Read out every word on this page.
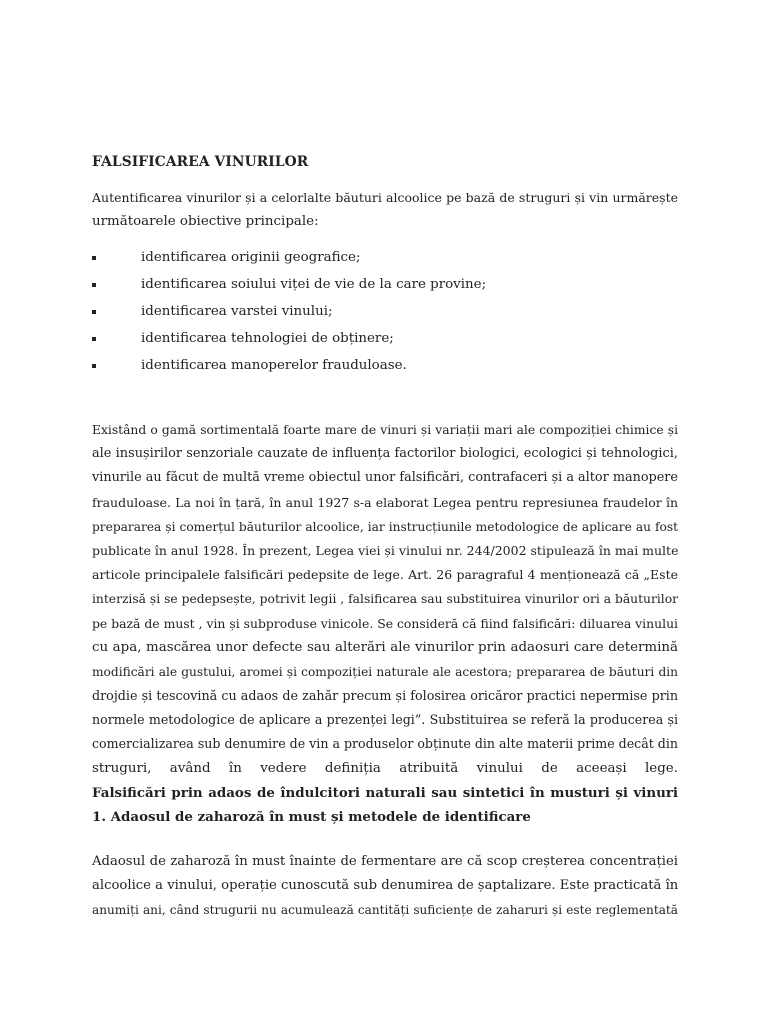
FALSIFICAREA VINURILOR
Autentificarea vinurilor și a celorlalte băuturi alcoolice pe bază de struguri și vin urmărește
următoarele obiective principale:
identificarea originii geografice;
identificarea soiului viței de vie de la care provine;
identificarea varstei vinului;
identificarea tehnologiei de obținere;
identificarea manoperelor frauduloase.
Existând o gamă sortimentală foarte mare de vinuri și variații mari ale compoziției chimice și
ale insușirilor senzoriale cauzate de influența factorilor biologici, ecologici și tehnologici,
vinurile au făcut de multă vreme obiectul unor falsificări, contrafaceri și a altor manopere
frauduloase. La noi în țară, în anul 1927 s-a elaborat Legea pentru represiunea fraudelor în
prepararea și comerțul băuturilor alcoolice, iar instrucțiunile metodologice de aplicare au fost
publicate în anul 1928. În prezent, Legea viei și vinului nr. 244/2002 stipulează în mai multe
articole principalele falsificări pedepsite de lege. Art. 26 paragraful 4 menționează că „Este
interzisă și se pedepsește, potrivit legii , falsificarea sau substituirea vinurilor ori a băuturilor
pe bază de must , vin și subproduse vinicole. Se consideră că fiind falsificări: diluarea vinului
cu apa, mascărea unor defecte sau alterări ale vinurilor prin adaosuri care determină
modificări ale gustului, aromei și compoziției naturale ale acestora; prepararea de băuturi din
drojdie și tescovină cu adaos de zahăr precum și folosirea oricăror practici nepermise prin
normele metodologice de aplicare a prezenței legi”. Substituirea se referă la producerea și
comercializarea sub denumire de vin a produselor obținute din alte materii prime decât din
struguri, având în vedere definiția atribuită vinului de aceeași lege.
Falsificări prin adaos de îndulcitori naturali sau sintetici în musturi și vinuri
1. Adaosul de zaharoză în must și metodele de identificare
Adaosul de zaharoză în must înainte de fermentare are că scop creșterea concentrației
alcoolice a vinului, operație cunoscută sub denumirea de șaptalizare. Este practicată în
anumiți ani, când strugurii nu acumulează cantități suficiențe de zaharuri și este reglementată
